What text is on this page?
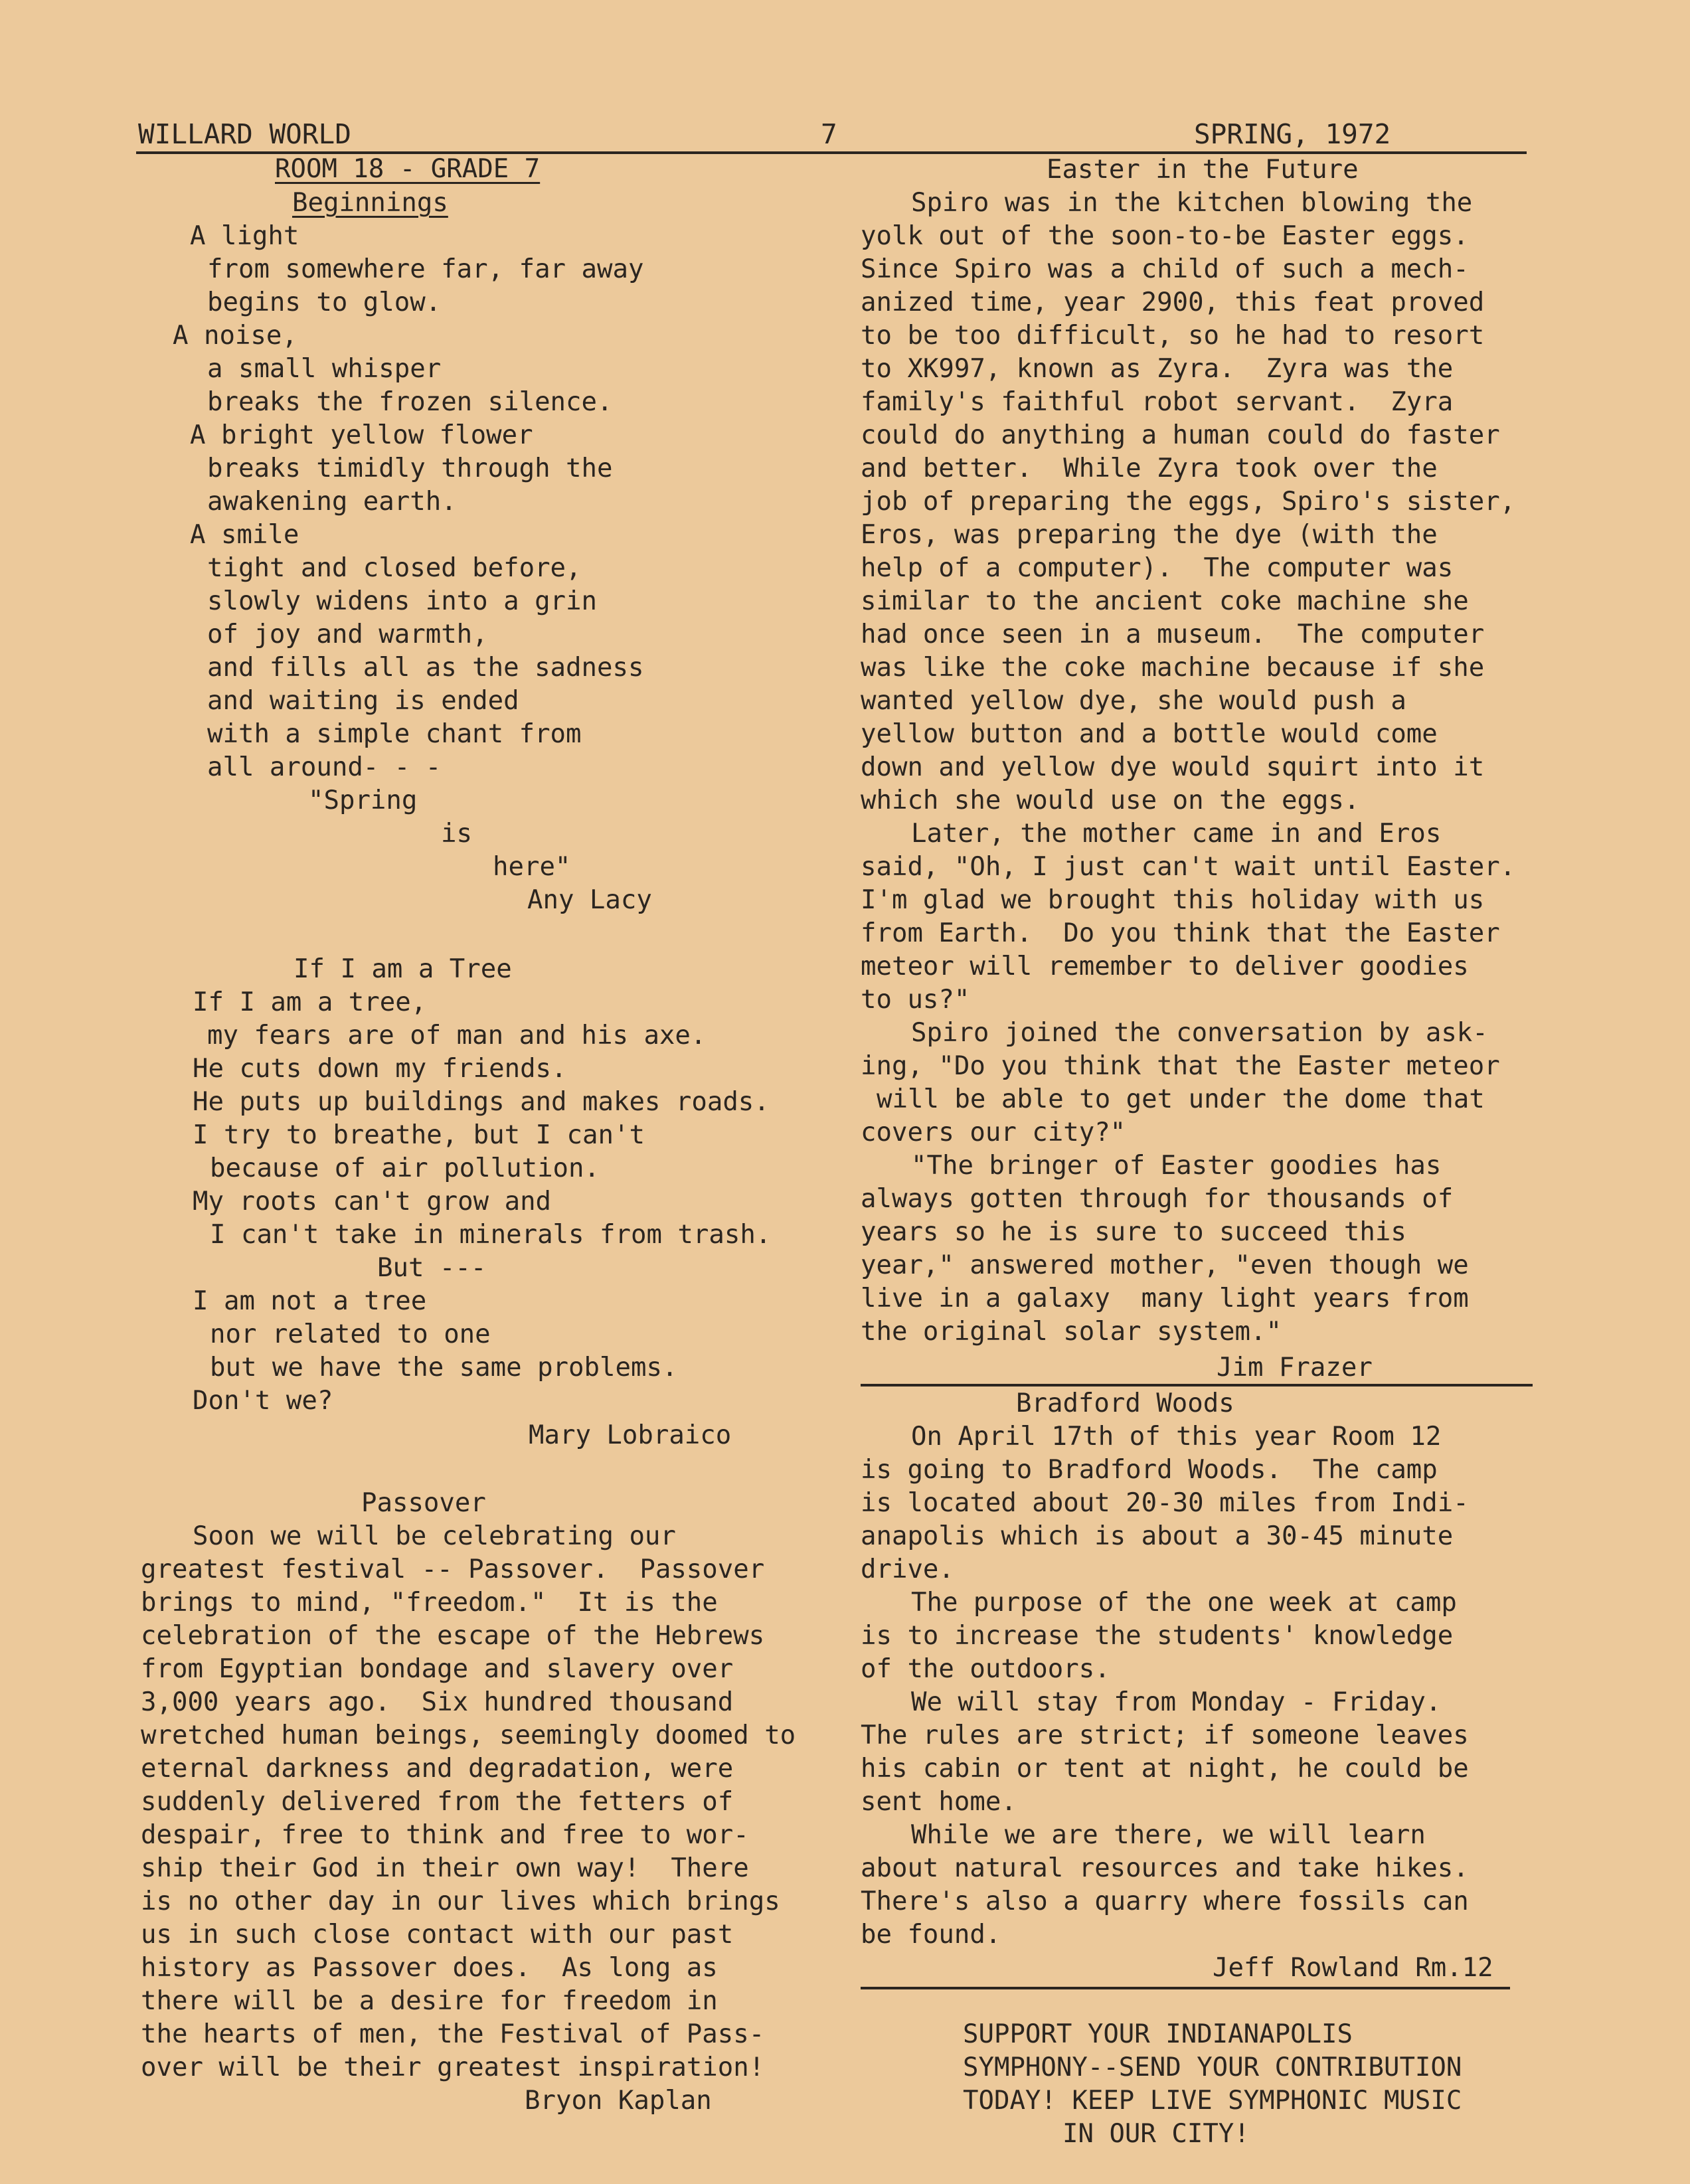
WILLARD WORLD	7	SPRING, 1972
ROOM 18 - GRADE 7
Beginnings
A light
from somewhere far, far away
begins to glow.
A noise,
a small whisper
breaks the frozen silence.
A bright yellow flower
breaks timidly through the
awakening earth.
A smile
tight and closed before,
slowly widens into a grin
of joy and warmth,
and fills all as the sadness
and waiting is ended
with a simple chant from
all around- - -
"Spring
is
here"
Any Lacy
If I am a Tree
If I am a tree,
my fears are of man and his axe.
He cuts down my friends.
He puts up buildings and makes roads.
I try to breathe, but I can't
because of air pollution.
My roots can't grow and
I can't take in minerals from trash.
But ---
I am not a tree
nor related to one
but we have the same problems.
Don't we?
Mary Lobraico
Passover
Soon we will be celebrating our
greatest festival -- Passover.  Passover
brings to mind, "freedom."  It is the
celebration of the escape of the Hebrews
from Egyptian bondage and slavery over
3,000 years ago.  Six hundred thousand
wretched human beings, seemingly doomed to
eternal darkness and degradation, were
suddenly delivered from the fetters of
despair, free to think and free to wor-
ship their God in their own way!  There
is no other day in our lives which brings
us in such close contact with our past
history as Passover does.  As long as
there will be a desire for freedom in
the hearts of men, the Festival of Pass-
over will be their greatest inspiration!
Bryon Kaplan
Easter in the Future
Spiro was in the kitchen blowing the
yolk out of the soon-to-be Easter eggs.
Since Spiro was a child of such a mech-
anized time, year 2900, this feat proved
to be too difficult, so he had to resort
to XK997, known as Zyra.  Zyra was the
family's faithful robot servant.  Zyra
could do anything a human could do faster
and better.  While Zyra took over the
job of preparing the eggs, Spiro's sister,
Eros, was preparing the dye (with the
help of a computer).  The computer was
similar to the ancient coke machine she
had once seen in a museum.  The computer
was like the coke machine because if she
wanted yellow dye, she would push a
yellow button and a bottle would come
down and yellow dye would squirt into it
which she would use on the eggs.
Later, the mother came in and Eros
said, "Oh, I just can't wait until Easter.
I'm glad we brought this holiday with us
from Earth.  Do you think that the Easter
meteor will remember to deliver goodies
to us?"
Spiro joined the conversation by ask-
ing, "Do you think that the Easter meteor
will be able to get under the dome that
covers our city?"
"The bringer of Easter goodies has
always gotten through for thousands of
years so he is sure to succeed this
year," answered mother, "even though we
live in a galaxy  many light years from
the original solar system."
Jim Frazer
Bradford Woods
On April 17th of this year Room 12
is going to Bradford Woods.  The camp
is located about 20-30 miles from Indi-
anapolis which is about a 30-45 minute
drive.
The purpose of the one week at camp
is to increase the students' knowledge
of the outdoors.
We will stay from Monday - Friday.
The rules are strict; if someone leaves
his cabin or tent at night, he could be
sent home.
While we are there, we will learn
about natural resources and take hikes.
There's also a quarry where fossils can
be found.
Jeff Rowland Rm.12
SUPPORT YOUR INDIANAPOLIS
SYMPHONY--SEND YOUR CONTRIBUTION
TODAY! KEEP LIVE SYMPHONIC MUSIC
IN OUR CITY!
